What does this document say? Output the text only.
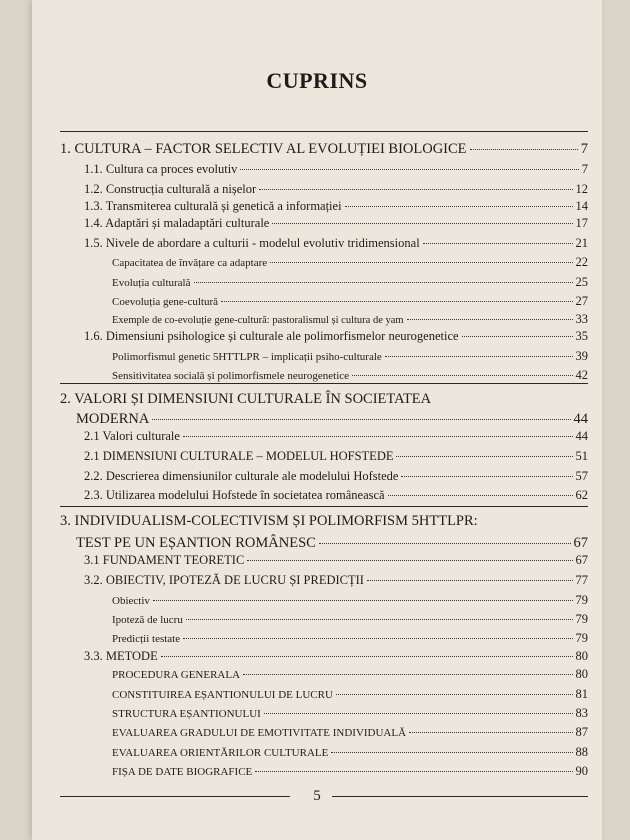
CUPRINS
1. CULTURA – FACTOR SELECTIV AL EVOLUȚIEI BIOLOGICE	7
1.1. Cultura ca proces evolutiv	7
1.2. Construcția culturală a nișelor	12
1.3. Transmiterea culturală și genetică a informației	14
1.4. Adaptări și maladaptări culturale	17
1.5. Nivele de abordare a culturii - modelul evolutiv tridimensional	21
Capacitatea de învățare ca adaptare	22
Evoluția culturală	25
Coevoluția gene-cultură	27
Exemple de co-evoluție gene-cultură: pastoralismul și cultura de yam	33
1.6. Dimensiuni psihologice și culturale ale polimorfismelor neurogenetice	35
Polimorfismul genetic 5HTTLPR – implicații psiho-culturale	39
Sensitivitatea socială și polimorfismele neurogenetice	42
2. VALORI ȘI DIMENSIUNI CULTURALE ÎN SOCIETATEA
MODERNA	44
2.1 Valori culturale	44
2.1 DIMENSIUNI CULTURALE – MODELUL HOFSTEDE	51
2.2. Descrierea dimensiunilor culturale ale modelului Hofstede	57
2.3. Utilizarea modelului Hofstede în societatea românească	62
3. INDIVIDUALISM-COLECTIVISM ȘI POLIMORFISM 5HTTLPR:
TEST PE UN EȘANTION ROMÂNESC	67
3.1 FUNDAMENT TEORETIC	67
3.2. OBIECTIV, IPOTEZĂ DE LUCRU ȘI PREDICȚII	77
Obiectiv	79
Ipoteză de lucru	79
Predicții testate	79
3.3. METODE	80
PROCEDURA GENERALA	80
CONSTITUIREA EȘANTIONULUI DE LUCRU	81
STRUCTURA EȘANTIONULUI	83
EVALUAREA GRADULUI DE EMOTIVITATE INDIVIDUALĂ	87
EVALUAREA ORIENTĂRILOR CULTURALE	88
FIȘA DE DATE BIOGRAFICE	90
5
